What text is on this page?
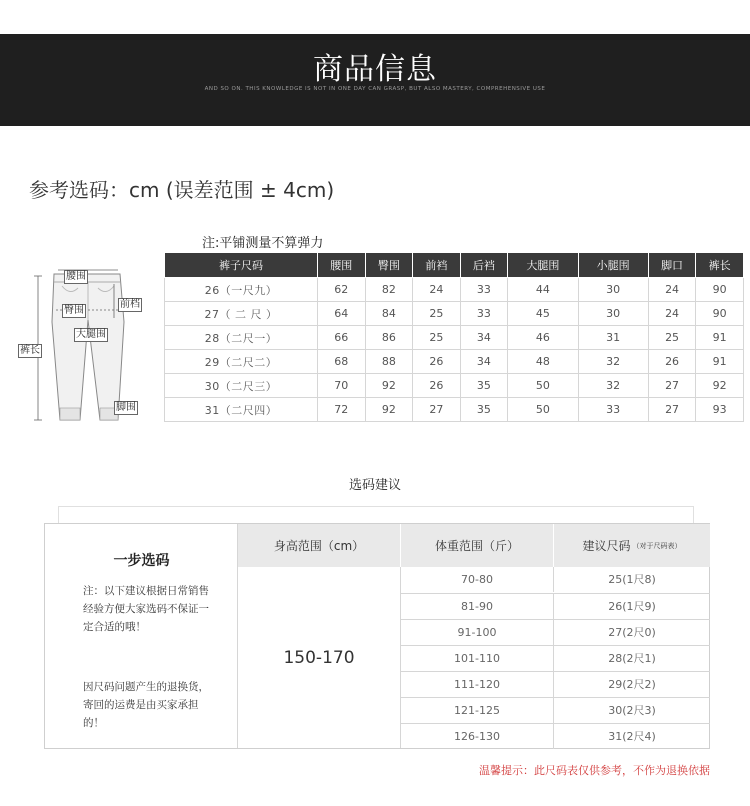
商品信息
AND SO ON. THIS KNOWLEDGE IS NOT IN ONE DAY CAN GRASP, BUT ALSO MASTERY, COMPREHENSIVE USE
参考选码：cm (误差范围 ± 4cm)
注:平铺测量不算弹力
腰围
臀围
前档
大腿围
裤长
脚围
裤子尺码	腰围	臀围	前裆	后裆	大腿围	小腿围	脚口	裤长
26（一尺九）	62	82	24	33	44	30	24	90
27（ 二 尺 ）	64	84	25	33	45	30	24	90
28（二尺一）	66	86	25	34	46	31	25	91
29（二尺二）	68	88	26	34	48	32	26	91
30（二尺三）	70	92	26	35	50	32	27	92
31（二尺四）	72	92	27	35	50	33	27	93
选码建议
一步选码
注：以下建议根据日常销售经验方便大家选码不保证一定合适的哦！
因尺码问题产生的退换货，寄回的运费是由买家承担的！
身高范围（cm）	体重范围（斤）	建议尺码 （对于尺码表）
150-170
70-80	25(1尺8)
81-90	26(1尺9)
91-100	27(2尺0)
101-110	28(2尺1)
111-120	29(2尺2)
121-125	30(2尺3)
126-130	31(2尺4)
温馨提示：此尺码表仅供参考，不作为退换依据
